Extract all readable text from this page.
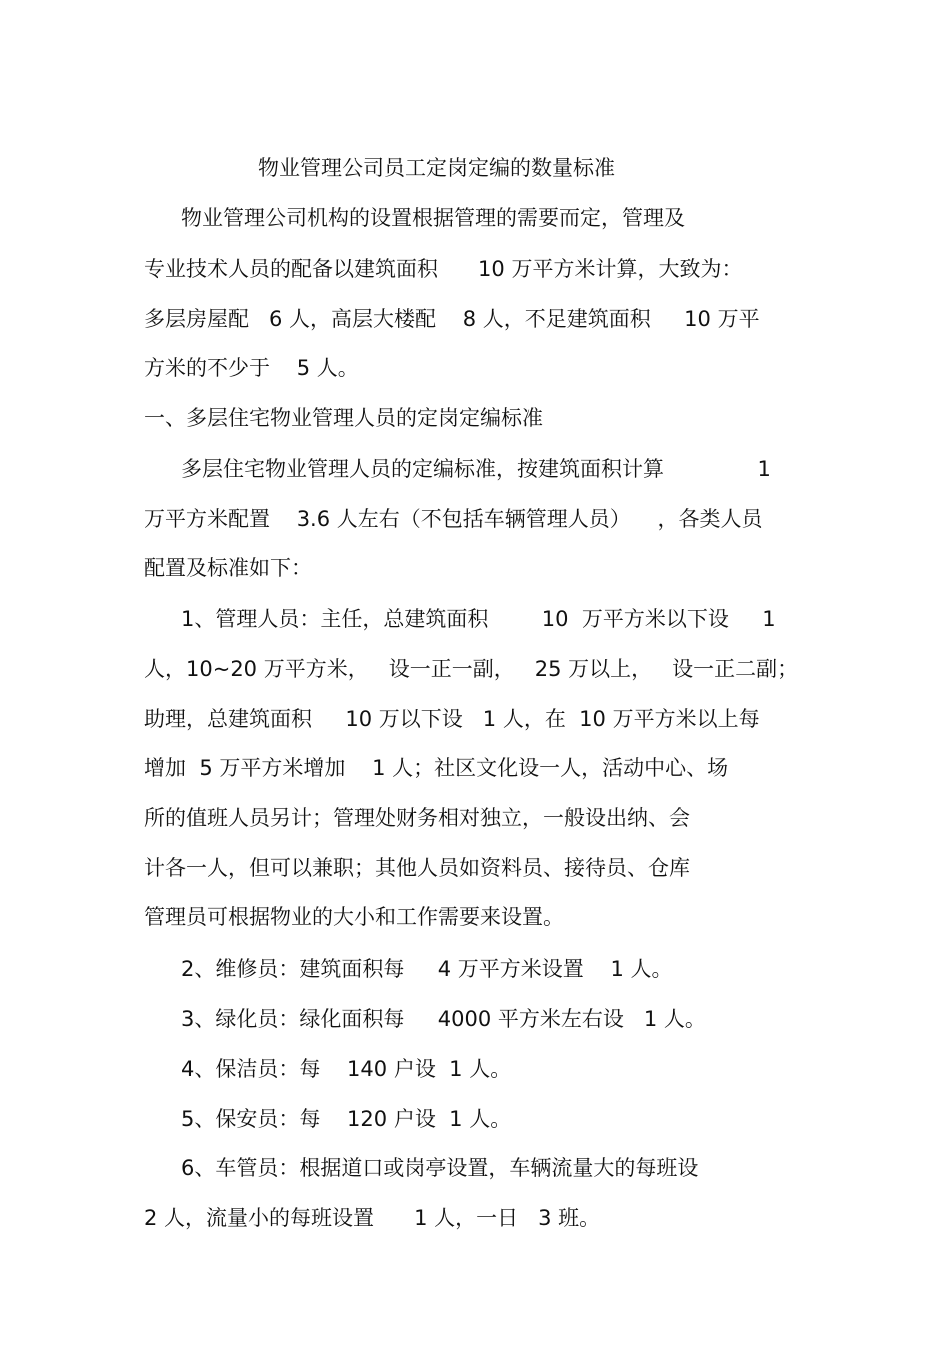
物业管理公司员工定岗定编的数量标准
物业管理公司机构的设置根据管理的需要而定，管理及
专业技术人员的配备以建筑面积      10 万平方米计算，大致为：
多层房屋配   6 人，高层大楼配    8 人，不足建筑面积     10 万平
方米的不少于    5 人。
一、多层住宅物业管理人员的定岗定编标准
多层住宅物业管理人员的定编标准，按建筑面积计算              1
万平方米配置    3.6 人左右（不包括车辆管理人员）    ，各类人员
配置及标准如下：
1、管理人员：主任，总建筑面积        10  万平方米以下设     1
人，10~20 万平方米，   设一正一副，   25 万以上，   设一正二副；
助理，总建筑面积     10 万以下设   1 人，在  10 万平方米以上每
增加  5 万平方米增加    1 人；社区文化设一人，活动中心、场
所的值班人员另计；管理处财务相对独立，一般设出纳、会
计各一人，但可以兼职；其他人员如资料员、接待员、仓库
管理员可根据物业的大小和工作需要来设置。
2、维修员：建筑面积每     4 万平方米设置    1 人。
3、绿化员：绿化面积每     4000 平方米左右设   1 人。
4、保洁员：每    140 户设  1 人。
5、保安员：每    120 户设  1 人。
6、车管员：根据道口或岗亭设置，车辆流量大的每班设
2 人，流量小的每班设置      1 人，一日   3 班。
